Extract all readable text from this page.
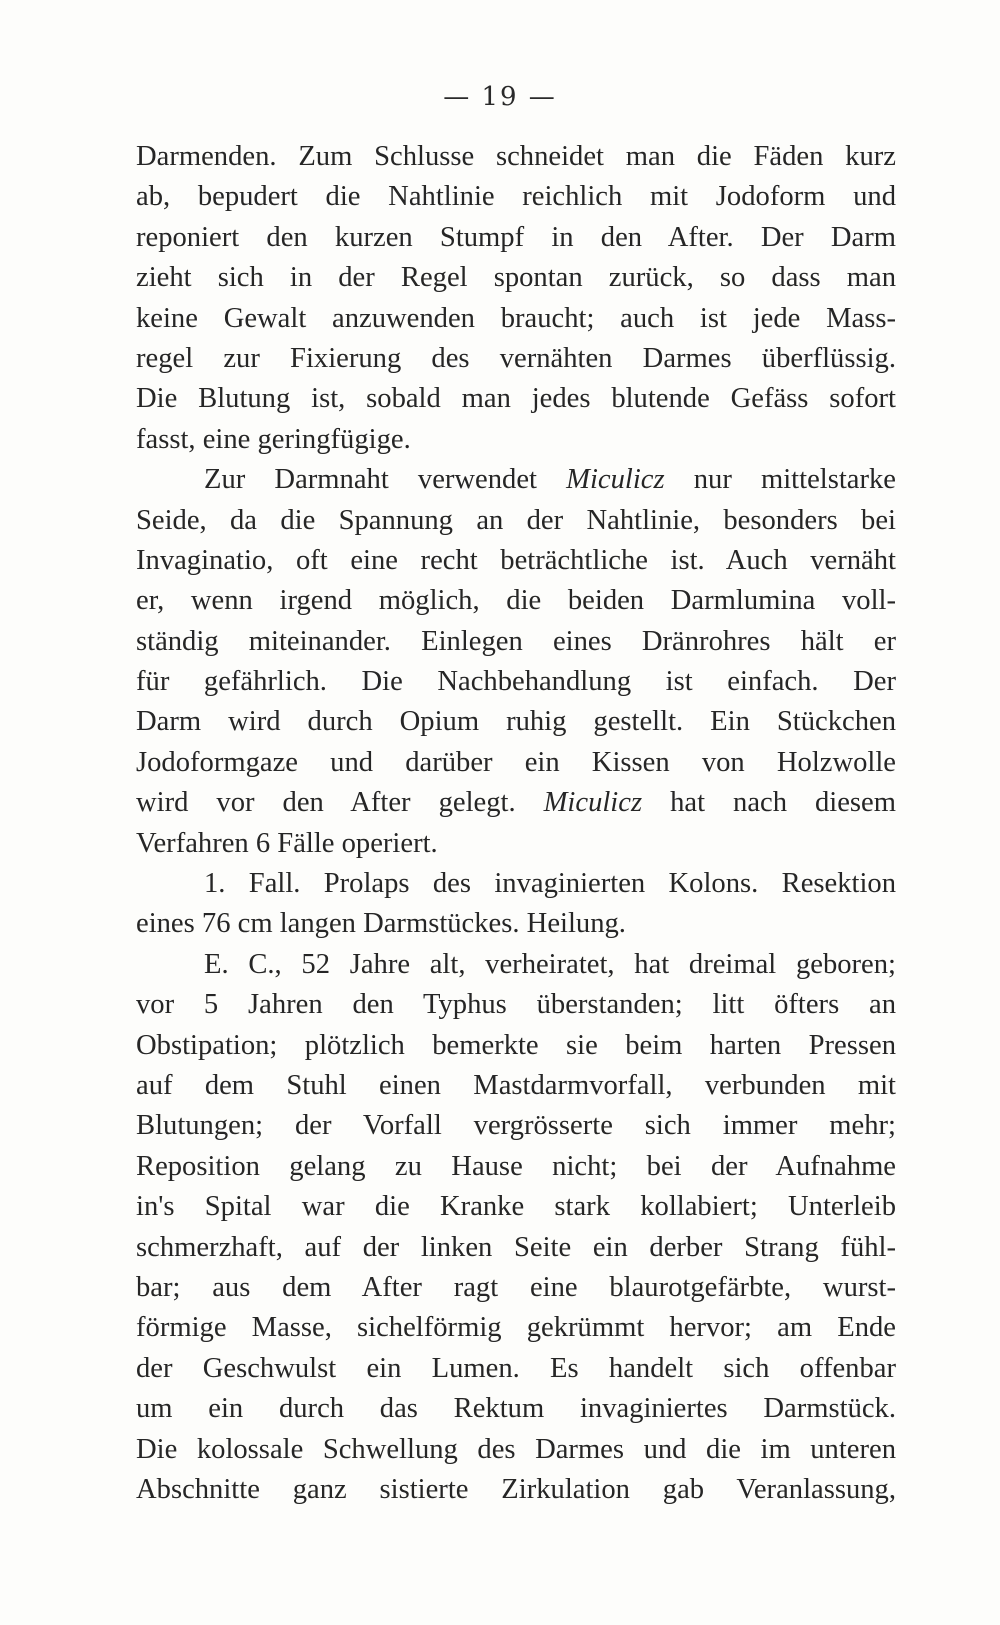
— 19 —
Darmenden. Zum Schlusse schneidet man die Fäden kurz
ab, bepudert die Nahtlinie reichlich mit Jodoform und
reponiert den kurzen Stumpf in den After. Der Darm
zieht sich in der Regel spontan zurück, so dass man
keine Gewalt anzuwenden braucht; auch ist jede Mass-
regel zur Fixierung des vernähten Darmes überflüssig.
Die Blutung ist, sobald man jedes blutende Gefäss sofort
fasst, eine geringfügige.
Zur Darmnaht verwendet Miculicz nur mittelstarke
Seide, da die Spannung an der Nahtlinie, besonders bei
Invaginatio, oft eine recht beträchtliche ist. Auch vernäht
er, wenn irgend möglich, die beiden Darmlumina voll-
ständig miteinander. Einlegen eines Dränrohres hält er
für gefährlich. Die Nachbehandlung ist einfach. Der
Darm wird durch Opium ruhig gestellt. Ein Stückchen
Jodoformgaze und darüber ein Kissen von Holzwolle
wird vor den After gelegt. Miculicz hat nach diesem
Verfahren 6 Fälle operiert.
1. Fall. Prolaps des invaginierten Kolons. Resektion
eines 76 cm langen Darmstückes. Heilung.
E. C., 52 Jahre alt, verheiratet, hat dreimal geboren;
vor 5 Jahren den Typhus überstanden; litt öfters an
Obstipation; plötzlich bemerkte sie beim harten Pressen
auf dem Stuhl einen Mastdarmvorfall, verbunden mit
Blutungen; der Vorfall vergrösserte sich immer mehr;
Reposition gelang zu Hause nicht; bei der Aufnahme
in's Spital war die Kranke stark kollabiert; Unterleib
schmerzhaft, auf der linken Seite ein derber Strang fühl-
bar; aus dem After ragt eine blaurotgefärbte, wurst-
förmige Masse, sichelförmig gekrümmt hervor; am Ende
der Geschwulst ein Lumen. Es handelt sich offenbar
um ein durch das Rektum invaginiertes Darmstück.
Die kolossale Schwellung des Darmes und die im unteren
Abschnitte ganz sistierte Zirkulation gab Veranlassung,
